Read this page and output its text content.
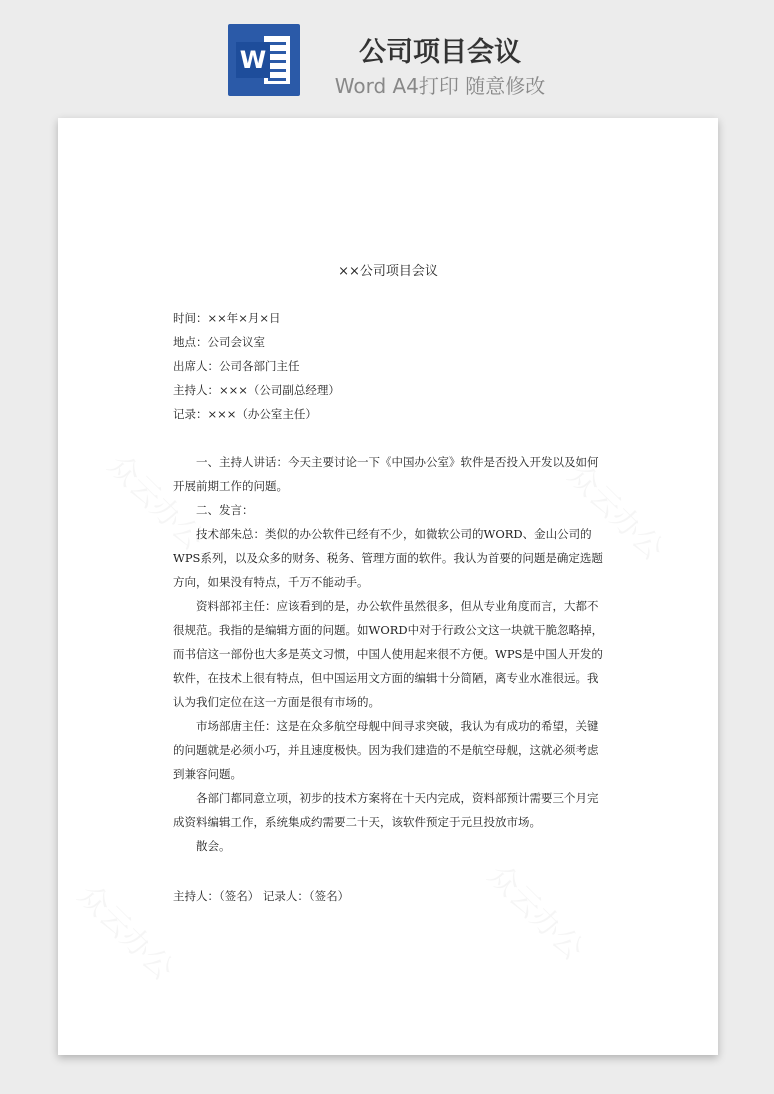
W	公司项目会议
Word A4打印 随意修改
××公司项目会议

时间：××年×月×日

地点：公司会议室

出席人：公司各部门主任

主持人：×××（公司副总经理）

记录：×××（办公室主任）

一、主持人讲话：今天主要讨论一下《中国办公室》软件是否投入开发以及如何开展前期工作的问题。

二、发言：

技术部朱总：类似的办公软件已经有不少，如微软公司的WORD、金山公司的WPS系列，以及众多的财务、税务、管理方面的软件。我认为首要的问题是确定选题方向，如果没有特点，千万不能动手。

资料部祁主任：应该看到的是，办公软件虽然很多，但从专业角度而言，大都不很规范。我指的是编辑方面的问题。如WORD中对于行政公文这一块就干脆忽略掉，而书信这一部份也大多是英文习惯，中国人使用起来很不方便。WPS是中国人开发的软件，在技术上很有特点，但中国运用文方面的编辑十分简陋，离专业水准很远。我认为我们定位在这一方面是很有市场的。

市场部唐主任：这是在众多航空母舰中间寻求突破，我认为有成功的希望，关键的问题就是必须小巧，并且速度极快。因为我们建造的不是航空母舰，这就必须考虑到兼容问题。

各部门都同意立项，初步的技术方案将在十天内完成，资料部预计需要三个月完成资料编辑工作，系统集成约需要二十天，该软件预定于元旦投放市场。

散会。

主持人：（签名） 记录人：（签名）
